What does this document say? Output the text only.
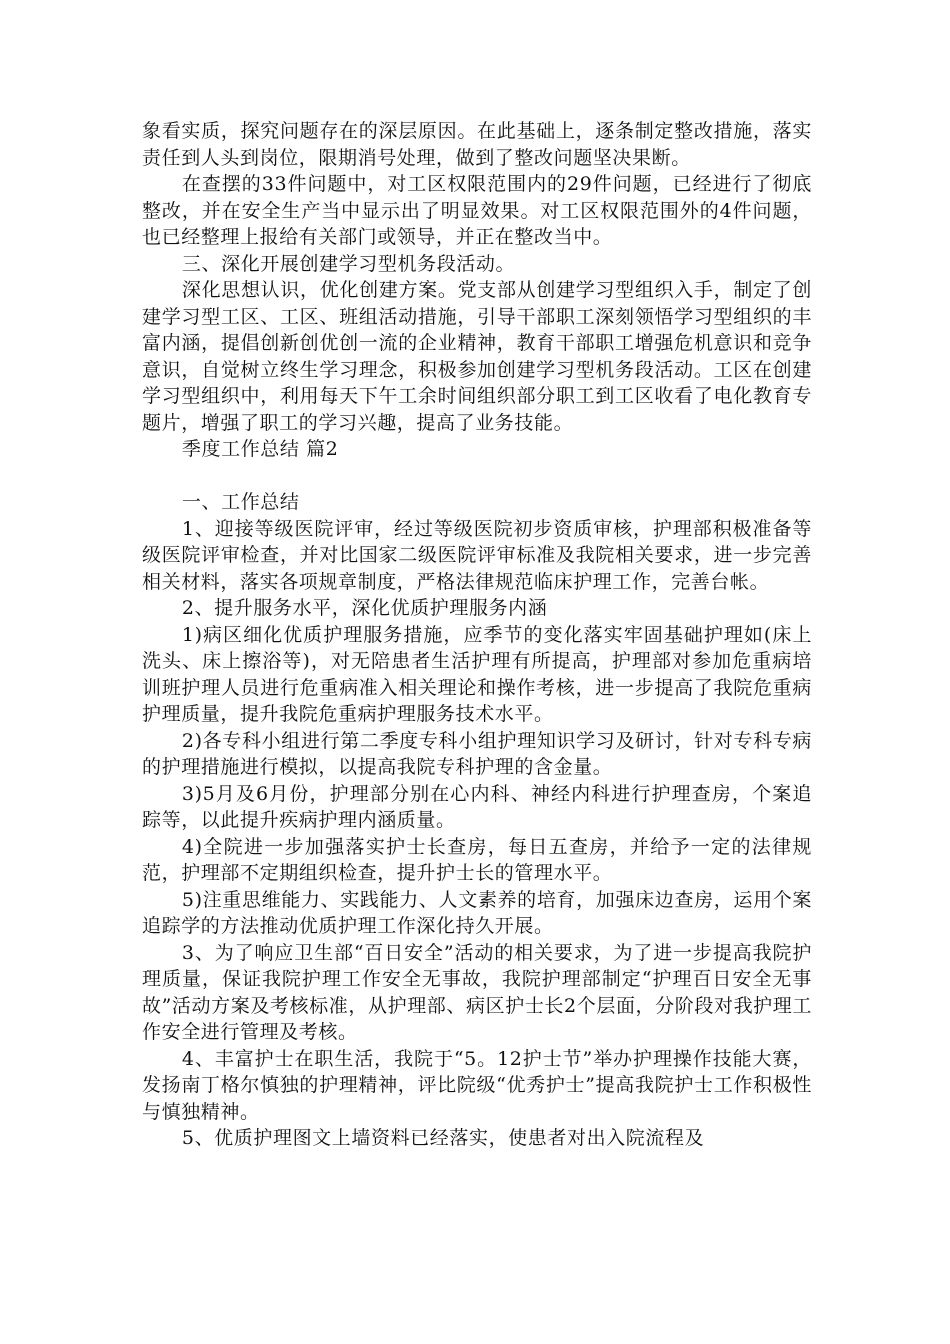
象看实质，探究问题存在的深层原因。在此基础上，逐条制定整改措施，落实责任到人头到岗位，限期消号处理，做到了整改问题坚决果断。

在查摆的33件问题中，对工区权限范围内的29件问题，已经进行了彻底整改，并在安全生产当中显示出了明显效果。对工区权限范围外的4件问题，也已经整理上报给有关部门或领导，并正在整改当中。

三、深化开展创建学习型机务段活动。

深化思想认识，优化创建方案。党支部从创建学习型组织入手，制定了创建学习型工区、工区、班组活动措施，引导干部职工深刻领悟学习型组织的丰富内涵，提倡创新创优创一流的企业精神，教育干部职工增强危机意识和竞争意识，自觉树立终生学习理念，积极参加创建学习型机务段活动。工区在创建学习型组织中，利用每天下午工余时间组织部分职工到工区收看了电化教育专题片，增强了职工的学习兴趣，提高了业务技能。

季度工作总结 篇2

一、工作总结

1、迎接等级医院评审，经过等级医院初步资质审核，护理部积极准备等级医院评审检查，并对比国家二级医院评审标准及我院相关要求，进一步完善相关材料，落实各项规章制度，严格法律规范临床护理工作，完善台帐。

2、提升服务水平，深化优质护理服务内涵

1)病区细化优质护理服务措施，应季节的变化落实牢固基础护理如(床上洗头、床上擦浴等)，对无陪患者生活护理有所提高，护理部对参加危重病培训班护理人员进行危重病准入相关理论和操作考核，进一步提高了我院危重病护理质量，提升我院危重病护理服务技术水平。

2)各专科小组进行第二季度专科小组护理知识学习及研讨，针对专科专病的护理措施进行模拟，以提高我院专科护理的含金量。

3)5月及6月份，护理部分别在心内科、神经内科进行护理查房，个案追踪等，以此提升疾病护理内涵质量。

4)全院进一步加强落实护士长查房，每日五查房，并给予一定的法律规范，护理部不定期组织检查，提升护士长的管理水平。

5)注重思维能力、实践能力、人文素养的培育，加强床边查房，运用个案追踪学的方法推动优质护理工作深化持久开展。

3、为了响应卫生部“百日安全”活动的相关要求，为了进一步提高我院护理质量，保证我院护理工作安全无事故，我院护理部制定“护理百日安全无事故”活动方案及考核标准，从护理部、病区护士长2个层面，分阶段对我护理工作安全进行管理及考核。

4、丰富护士在职生活，我院于“5。12护士节”举办护理操作技能大赛，发扬南丁格尔慎独的护理精神，评比院级“优秀护士”提高我院护士工作积极性与慎独精神。

5、优质护理图文上墙资料已经落实，使患者对出入院流程及
